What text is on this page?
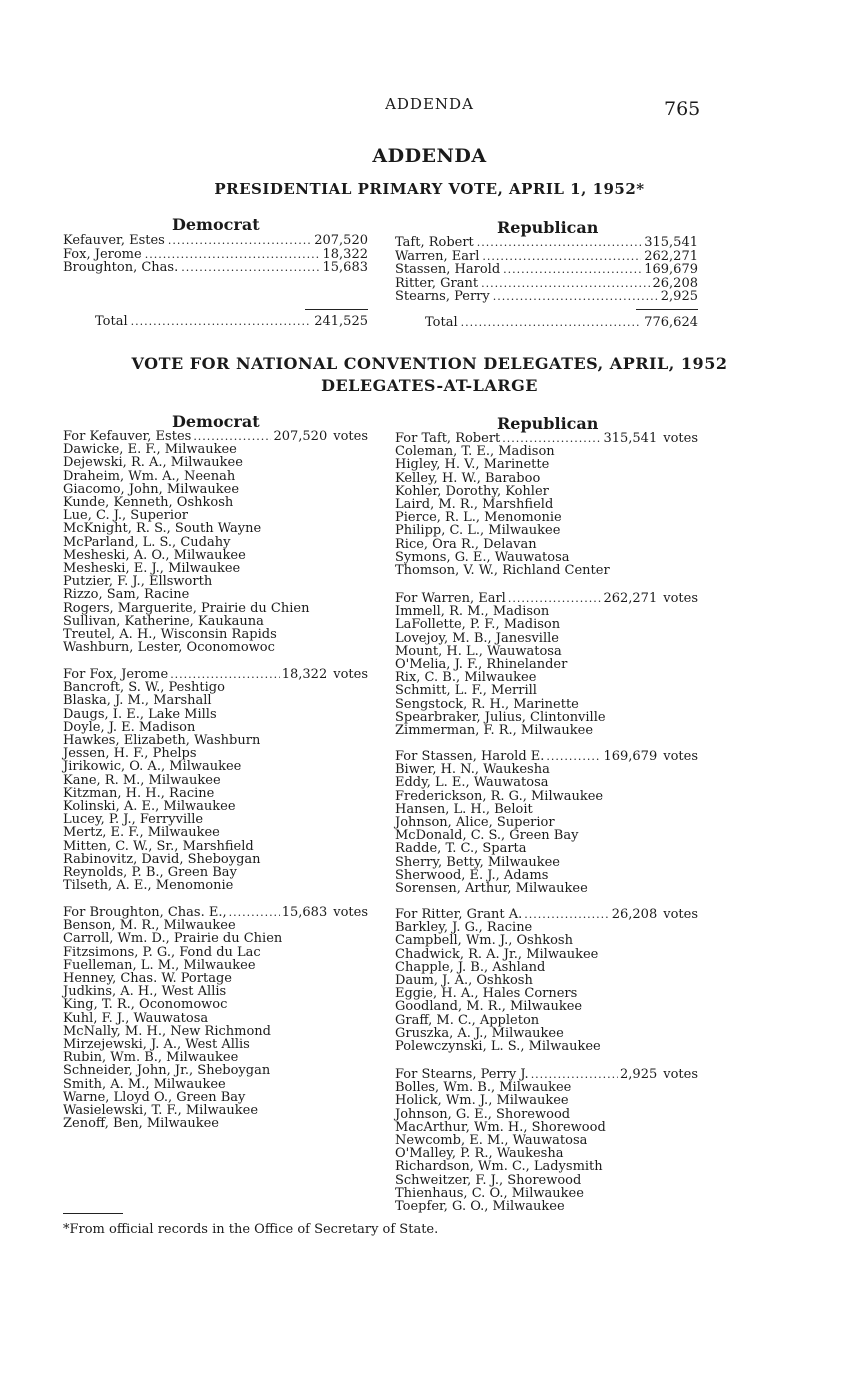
ADDENDA	765
ADDENDA
PRESIDENTIAL PRIMARY VOTE, APRIL 1, 1952*
Democrat
Kefauver, Estes .....	207,520
Fox, Jerome .....	18,322
Broughton, Chas. .....	15,683
Total .....	241,525
Republican
Taft, Robert .....	315,541
Warren, Earl .....	262,271
Stassen, Harold .....	169,679
Ritter, Grant .....	26,208
Stearns, Perry .....	2,925
Total .....	776,624
VOTE FOR NATIONAL CONVENTION DELEGATES, APRIL, 1952
DELEGATES-AT-LARGE
Democrat	Republican
For Kefauver, Estes .....	207,520 votes
Dawicke, E. F., Milwaukee
Dejewski, R. A., Milwaukee
Draheim, Wm. A., Neenah
Giacomo, John, Milwaukee
Kunde, Kenneth, Oshkosh
Lue, C. J., Superior
McKnight, R. S., South Wayne
McParland, L. S., Cudahy
Mesheski, A. O., Milwaukee
Mesheski, E. J., Milwaukee
Putzier, F. J., Ellsworth
Rizzo, Sam, Racine
Rogers, Marguerite, Prairie du Chien
Sullivan, Katherine, Kaukauna
Treutel, A. H., Wisconsin Rapids
Washburn, Lester, Oconomowoc
For Fox, Jerome .....	18,322 votes
Bancroft, S. W., Peshtigo
Blaska, J. M., Marshall
Daugs, I. E., Lake Mills
Doyle, J. E. Madison
Hawkes, Elizabeth, Washburn
Jessen, H. F., Phelps
Jirikowic, O. A., Milwaukee
Kane, R. M., Milwaukee
Kitzman, H. H., Racine
Kolinski, A. E., Milwaukee
Lucey, P. J., Ferryville
Mertz, E. F., Milwaukee
Mitten, C. W., Sr., Marshfield
Rabinovitz, David, Sheboygan
Reynolds, P. B., Green Bay
Tilseth, A. E., Menomonie
For Broughton, Chas. E., .....	15,683 votes
Benson, M. R., Milwaukee
Carroll, Wm. D., Prairie du Chien
Fitzsimons, P. G., Fond du Lac
Fuelleman, L. M., Milwaukee
Henney, Chas. W. Portage
Judkins, A. H., West Allis
King, T. R., Oconomowoc
Kuhl, F. J., Wauwatosa
McNally, M. H., New Richmond
Mirzejewski, J. A., West Allis
Rubin, Wm. B., Milwaukee
Schneider, John, Jr., Sheboygan
Smith, A. M., Milwaukee
Warne, Lloyd O., Green Bay
Wasielewski, T. F., Milwaukee
Zenoff, Ben, Milwaukee
For Taft, Robert .....	315,541 votes
Coleman, T. E., Madison
Higley, H. V., Marinette
Kelley, H. W., Baraboo
Kohler, Dorothy, Kohler
Laird, M. R., Marshfield
Pierce, R. L., Menomonie
Philipp, C. L., Milwaukee
Rice, Ora R., Delavan
Symons, G. E., Wauwatosa
Thomson, V. W., Richland Center
For Warren, Earl .....	262,271 votes
Immell, R. M., Madison
LaFollette, P. F., Madison
Lovejoy, M. B., Janesville
Mount, H. L., Wauwatosa
O'Melia, J. F., Rhinelander
Rix, C. B., Milwaukee
Schmitt, L. F., Merrill
Sengstock, R. H., Marinette
Spearbraker, Julius, Clintonville
Zimmerman, F. R., Milwaukee
For Stassen, Harold E. .....	169,679 votes
Biwer, H. N., Waukesha
Eddy, L. E., Wauwatosa
Frederickson, R. G., Milwaukee
Hansen, L. H., Beloit
Johnson, Alice, Superior
McDonald, C. S., Green Bay
Radde, T. C., Sparta
Sherry, Betty, Milwaukee
Sherwood, E. J., Adams
Sorensen, Arthur, Milwaukee
For Ritter, Grant A. .....	26,208 votes
Barkley, J. G., Racine
Campbell, Wm. J., Oshkosh
Chadwick, R. A. Jr., Milwaukee
Chapple, J. B., Ashland
Daum, J. A., Oshkosh
Eggie, H. A., Hales Corners
Goodland, M. R., Milwaukee
Graff, M. C., Appleton
Gruszka, A. J., Milwaukee
Polewczynski, L. S., Milwaukee
For Stearns, Perry J. .....	2,925 votes
Bolles, Wm. B., Milwaukee
Holick, Wm. J., Milwaukee
Johnson, G. E., Shorewood
MacArthur, Wm. H., Shorewood
Newcomb, E. M., Wauwatosa
O'Malley, P. R., Waukesha
Richardson, Wm. C., Ladysmith
Schweitzer, F. J., Shorewood
Thienhaus, C. O., Milwaukee
Toepfer, G. O., Milwaukee
*From official records in the Office of Secretary of State.
